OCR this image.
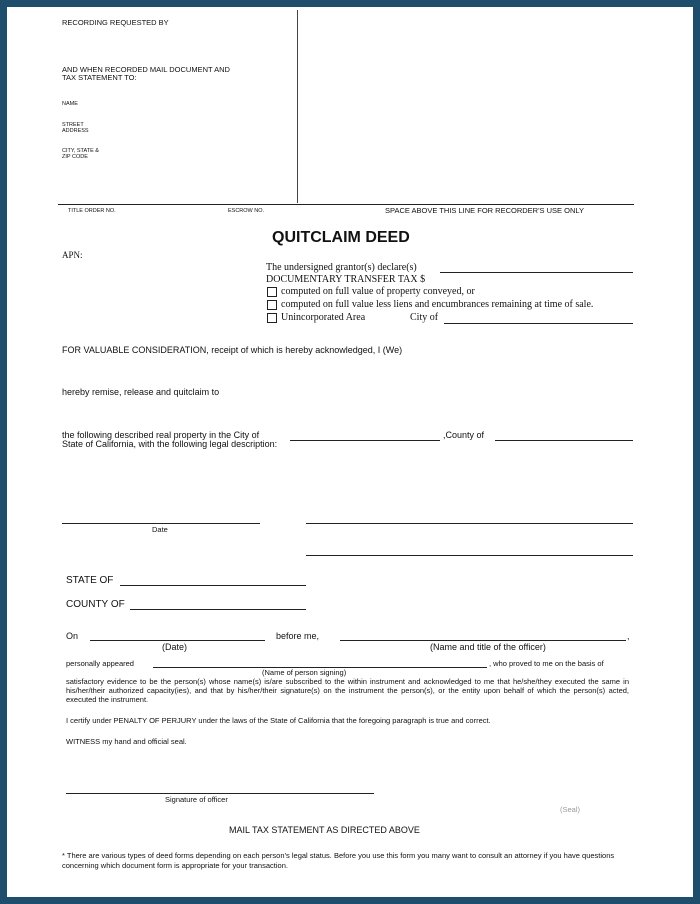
RECORDING REQUESTED BY
AND WHEN RECORDED MAIL DOCUMENT AND
TAX STATEMENT TO:
NAME
STREET
ADDRESS
CITY, STATE &
ZIP CODE
TITLE ORDER NO.	ESCROW NO.	SPACE ABOVE THIS LINE FOR RECORDER'S USE ONLY
QUITCLAIM DEED
APN:
The undersigned grantor(s) declare(s)
DOCUMENTARY TRANSFER TAX $
computed on full value of property conveyed, or
computed on full value less liens and encumbrances remaining at time of sale.
Unincorporated Area	City of
FOR VALUABLE CONSIDERATION, receipt of which is hereby acknowledged, I (We)
hereby remise, release and quitclaim to
the following described real property in the City of	,County of
State of California, with the following legal description:
Date
STATE OF
COUNTY OF
On	before me,	,
(Date)	(Name and title of the officer)
personally appeared	, who proved to me on the basis of
(Name of person signing)
satisfactory evidence to be the person(s) whose name(s) is/are subscribed to the within instrument and acknowledged to me that he/she/they executed the same in his/her/their authorized capacity(ies), and that by his/her/their signature(s) on the instrument the person(s), or the entity upon behalf of which the person(s) acted, executed the instrument.
I certify under PENALTY OF PERJURY under the laws of the State of California that the foregoing paragraph is true and correct.
WITNESS my hand and official seal.
Signature of officer
(Seal)
MAIL TAX STATEMENT AS DIRECTED ABOVE
* There are various types of deed forms depending on each person’s legal status. Before you use this form you many want to consult an attorney if you have questions concerning which document form is appropriate for your transaction.
